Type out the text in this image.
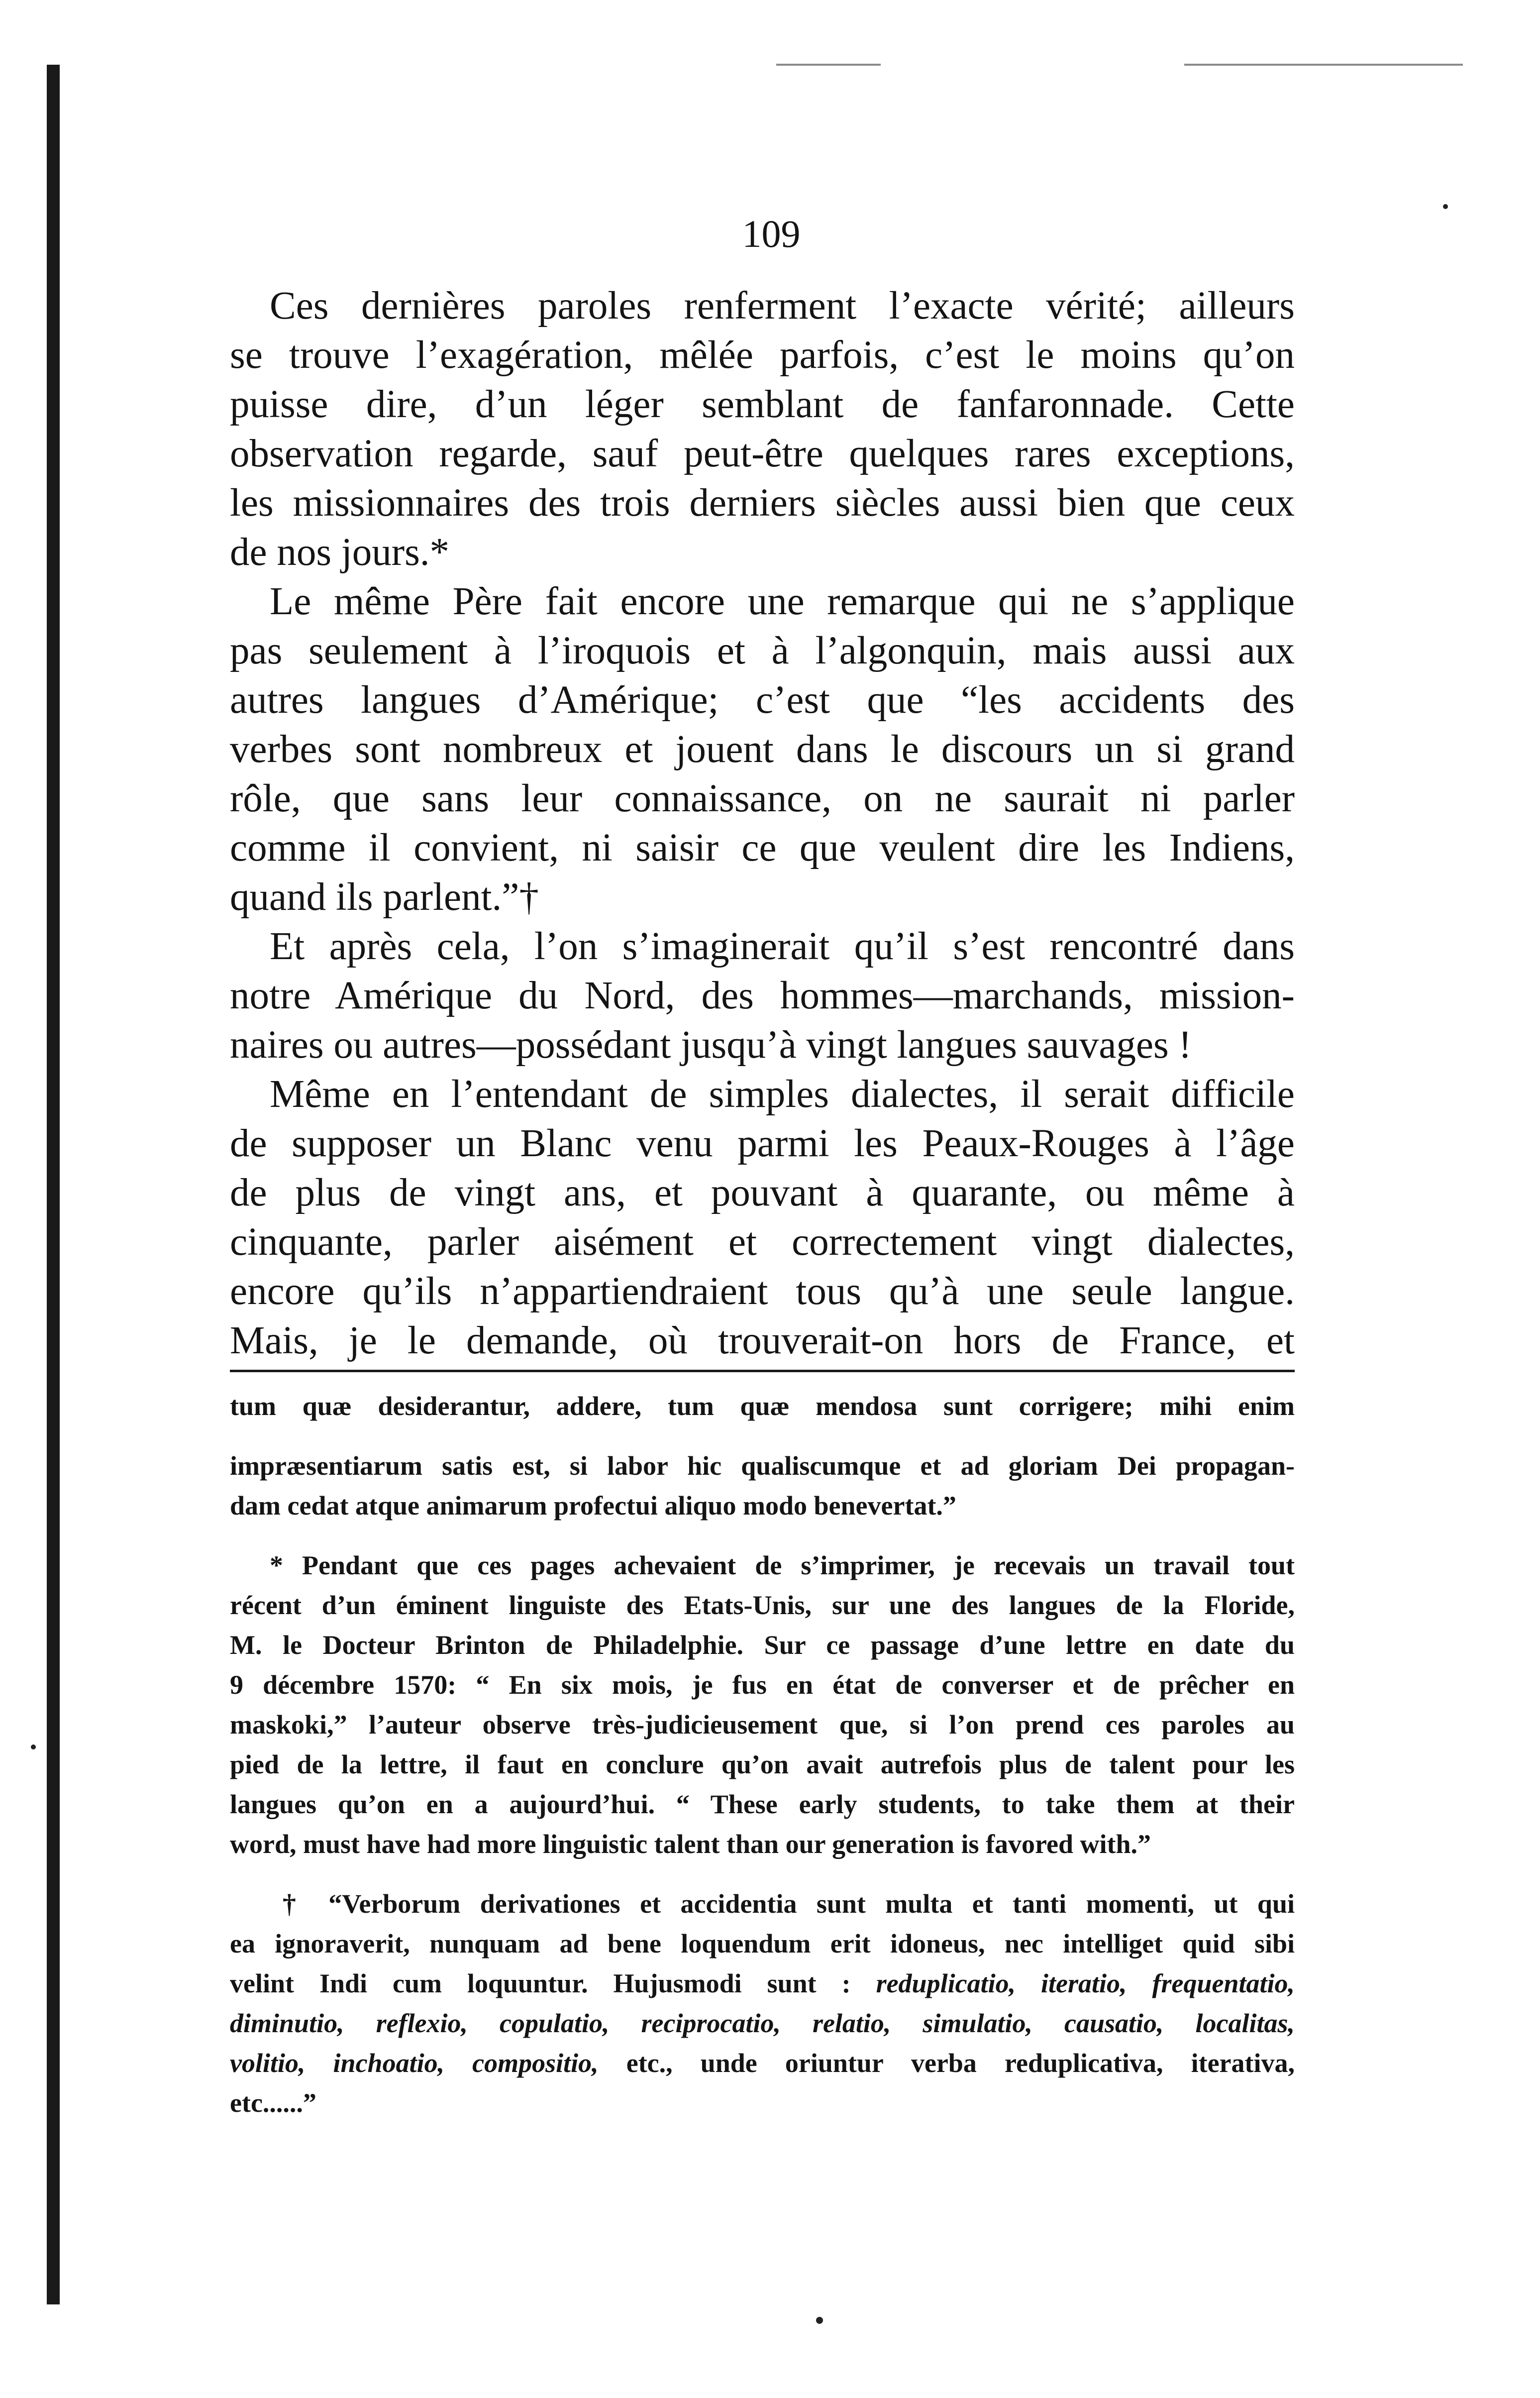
109

Ces dernières paroles renferment l’exacte vérité; ailleurs

se trouve l’exagération, mêlée parfois, c’est le moins qu’on

puisse dire, d’un léger semblant de fanfaronnade. Cette

observation regarde, sauf peut-être quelques rares exceptions,

les missionnaires des trois derniers siècles aussi bien que ceux

de nos jours.*

Le même Père fait encore une remarque qui ne s’applique

pas seulement à l’iroquois et à l’algonquin, mais aussi aux

autres langues d’Amérique; c’est que “les accidents des

verbes sont nombreux et jouent dans le discours un si grand

rôle, que sans leur connaissance, on ne saurait ni parler

comme il convient, ni saisir ce que veulent dire les Indiens,

quand ils parlent.”†

Et après cela, l’on s’imaginerait qu’il s’est rencontré dans

notre Amérique du Nord, des hommes—marchands, mission-

naires ou autres—possédant jusqu’à vingt langues sauvages !

Même en l’entendant de simples dialectes, il serait difficile

de supposer un Blanc venu parmi les Peaux-Rouges à l’âge

de plus de vingt ans, et pouvant à quarante, ou même à

cinquante, parler aisément et correctement vingt dialectes,

encore qu’ils n’appartiendraient tous qu’à une seule langue.

Mais, je le demande, où trouverait-on hors de France, et

tum quæ desiderantur, addere, tum quæ mendosa sunt corrigere; mihi enim

impræsentiarum satis est, si labor hic qualiscumque et ad gloriam Dei propagan-

dam cedat atque animarum profectui aliquo modo benevertat.”

* Pendant que ces pages achevaient de s’imprimer, je recevais un travail tout

récent d’un éminent linguiste des Etats-Unis, sur une des langues de la Floride,

M. le Docteur Brinton de Philadelphie. Sur ce passage d’une lettre en date du

9 décembre 1570: “ En six mois, je fus en état de converser et de prêcher en

maskoki,” l’auteur observe très-judicieusement que, si l’on prend ces paroles au

pied de la lettre, il faut en conclure qu’on avait autrefois plus de talent pour les

langues qu’on en a aujourd’hui. “ These early students, to take them at their

word, must have had more linguistic talent than our generation is favored with.”

† “Verborum derivationes et accidentia sunt multa et tanti momenti, ut qui

ea ignoraverit, nunquam ad bene loquendum erit idoneus, nec intelliget quid sibi

velint Indi cum loquuntur. Hujusmodi sunt : reduplicatio, iteratio, frequentatio,

diminutio, reflexio, copulatio, reciprocatio, relatio, simulatio, causatio, localitas,

volitio, inchoatio, compositio, etc., unde oriuntur verba reduplicativa, iterativa,

etc......”
